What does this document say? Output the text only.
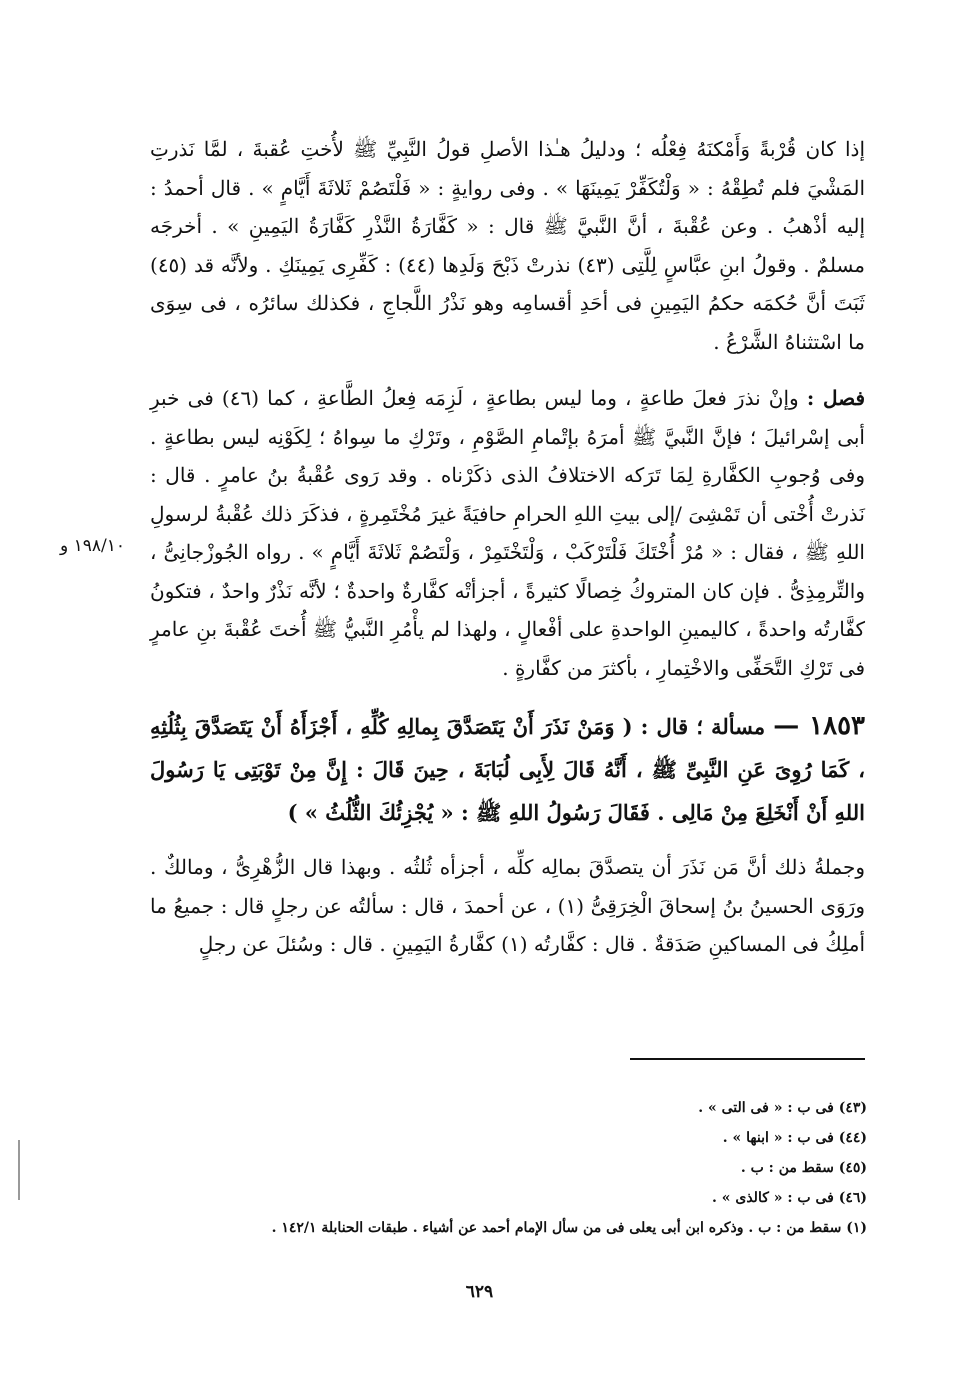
إذا كان قُرْبةً وَأَمْكنَهُ فِعْلُه ؛ ودليلُ هـٰذا الأصلِ قولُ النَّبِيِّ ﷺ لأُختِ عُقبةَ ، لمَّا نَذرتِ المَشْيَ فلم تُطِقْهُ : « وَلْتُكَفِّرْ يَمِينَهَا » . وفى روايةٍ : « فَلْتَصُمْ ثَلاثَةَ أَيَّامٍ » . قال أحمدُ : إليه أذْهبُ . وعن عُقْبةَ ، أنَّ النَّبيَّ ﷺ قال : « كَفَّارَةُ النَّذْرِ كَفَّارَةُ اليَمِينِ » . أخرجَه مسلمٌ . وقولُ ابنِ عبَّاسٍ لِلَّتِى (٤٣) نذرتْ ذَبْحَ وَلَدِها (٤٤) : كَفِّرِى يَمِينَكِ . ولأنَّه قد (٤٥) ثَبَتَ أنَّ حُكمَه حكمُ اليَمِينِ فى أحَدِ أقسامِه وهو نَذْرُ اللَّجاجِ ، فكذلك سائرُه ، فى سِوَى ما اسْتثناهُ الشَّرْعُ .

فصل : وإنْ نذرَ فعلَ طاعةٍ ، وما ليس بطاعةٍ ، لَزِمَه فِعلُ الطَّاعةِ ، كما (٤٦) فى خبرِ أبى إسْرائيلَ ؛ فإنَّ النَّبيَّ ﷺ أمرَهُ بإتْمامِ الصَّوْمِ ، وتَرْكِ ما سِواهُ ؛ لِكَوْنِه ليس بطاعةٍ . وفى وُجوبِ الكفَّارةِ لِمَا تَرَكه الاختلافُ الذى ذكَرْناه . وقد رَوى عُقْبةُ بنُ عامرٍ . قال : نَذرتْ أُخْتى أن تَمْشِىَ /إلى بيتِ اللهِ الحرامِ حافيَةً غيرَ مُخْتَمِرةٍ ، فذكَرَ ذلك عُقْبةُ لرسولِ اللهِ ﷺ ، فقال : « مُرْ أُخْتَكَ فَلْتَرْكَبْ ، وَلْتَخْتَمِرْ ، وَلْتَصُمْ ثَلاثَةَ أَيَّامٍ » . رواه الجُوزْجانِىُّ ، والتِّرمِذِىُّ . فإن كان المتروكُ خِصالًا كثيرةً ، أجزأتْه كفَّارةٌ واحدةٌ ؛ لأنَّه نَذْرٌ واحدٌ ، فتكونُ كفَّارتُه واحدةً ، كاليمينِ الواحدةِ على أفْعالٍ ، ولهذا لم يأْمُرِ النَّبيُّ ﷺ أُختَ عُقْبةَ بنِ عامرٍ فى تَرْكِ التَّحَفِّى والاخْتِمارِ ، بأكثرَ من كفَّارةٍ .

١٨٥٣ — مسألة ؛ قال : ( وَمَنْ نَذَرَ أَنْ يَتَصَدَّقَ بِمالِهِ كُلِّهِ ، أَجْزَأَهُ أَنْ يَتَصَدَّقَ بِثُلُثِهِ ، كَمَا رُوِىَ عَنِ النَّبِىِّ ﷺ ، أَنَّهُ قَالَ لِأَبِى لُبَابَةَ ، حِينَ قَالَ : إِنَّ مِنْ تَوْبَتِى يَا رَسُولَ اللهِ أَنْ أَنْخَلِعَ مِنْ مَالِى . فَقَالَ رَسُولُ اللهِ ﷺ : « يُجْزِئُكَ الثُّلُثُ » )

وجملةُ ذلك أنَّ مَن نَذَرَ أن يتصدَّقَ بمالِه كلِّه ، أجزأه ثُلثُه . وبهذا قال الزُّهْرِىُّ ، ومالكٌ . ورَوَى الحسينُ بنُ إسحاقَ الْخِرَقِىُّ (١) ، عن أحمدَ ، قال : سألتُه عن رجلٍ قال : جميعُ ما أملِكُ فى المساكينِ صَدَقةٌ . قال : كفَّارتُه (١) كفَّارةُ اليَمِينِ . قال : وسُئلَ عن رجلٍ

١٩٨/١٠ و
(٤٣) فى ب : « فى التى » .
(٤٤) فى ب : « ابنها » .
(٤٥) سقط من : ب .
(٤٦) فى ب : « كالذى » .
(١) سقط من : ب . وذكره ابن أبى يعلى فى من سأل الإمام أحمد عن أشياء . طبقات الحنابلة ١٤٢/١ .
٦٢٩
